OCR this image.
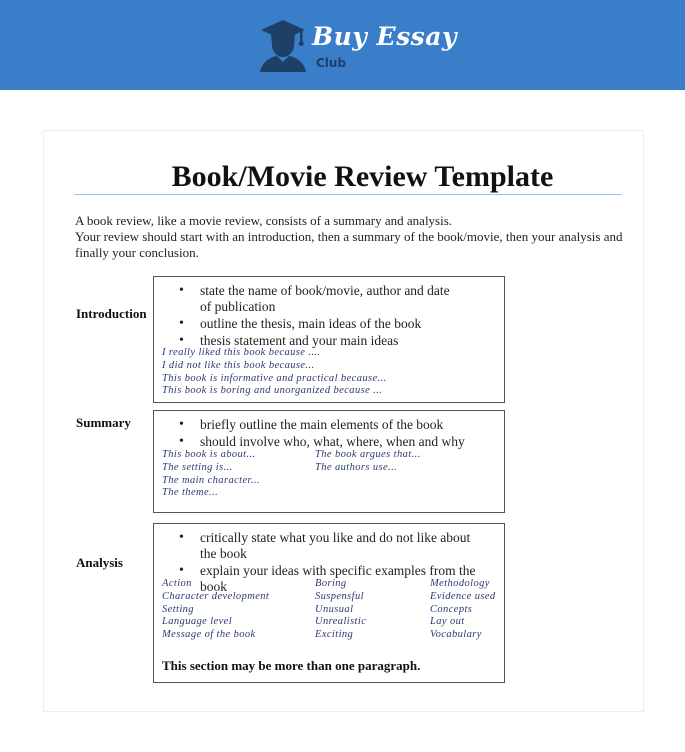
Buy Essay
Club
Book/Movie Review Template

A book review, like a movie review, consists of a summary and analysis.

Your review should start with an introduction, then a summary of the book/movie, then your analysis and finally your conclusion.

Introduction
• state the name of book/movie, author and date of publication
• outline the thesis, main ideas of the book
• thesis statement and your main ideas
I really liked this book because ....
I did not like this book because...
This book is informative and practical because...
This book is boring and unorganized because ...
Summary
•	briefly outline the main elements of the book
• should involve who, what, where, when and why
This book is about...
The setting is...
The main character...
The theme...
The book argues that...
The authors use...
Analysis
• critically state what you like and do not like about the book
• explain your ideas with specific examples from the book
Action
Character development
Setting
Language level
Message of the book
Boring
Suspensful
Unusual
Unrealistic
Exciting
Methodology
Evidence used
Concepts
Lay out
Vocabulary
This section may be more than one paragraph.
